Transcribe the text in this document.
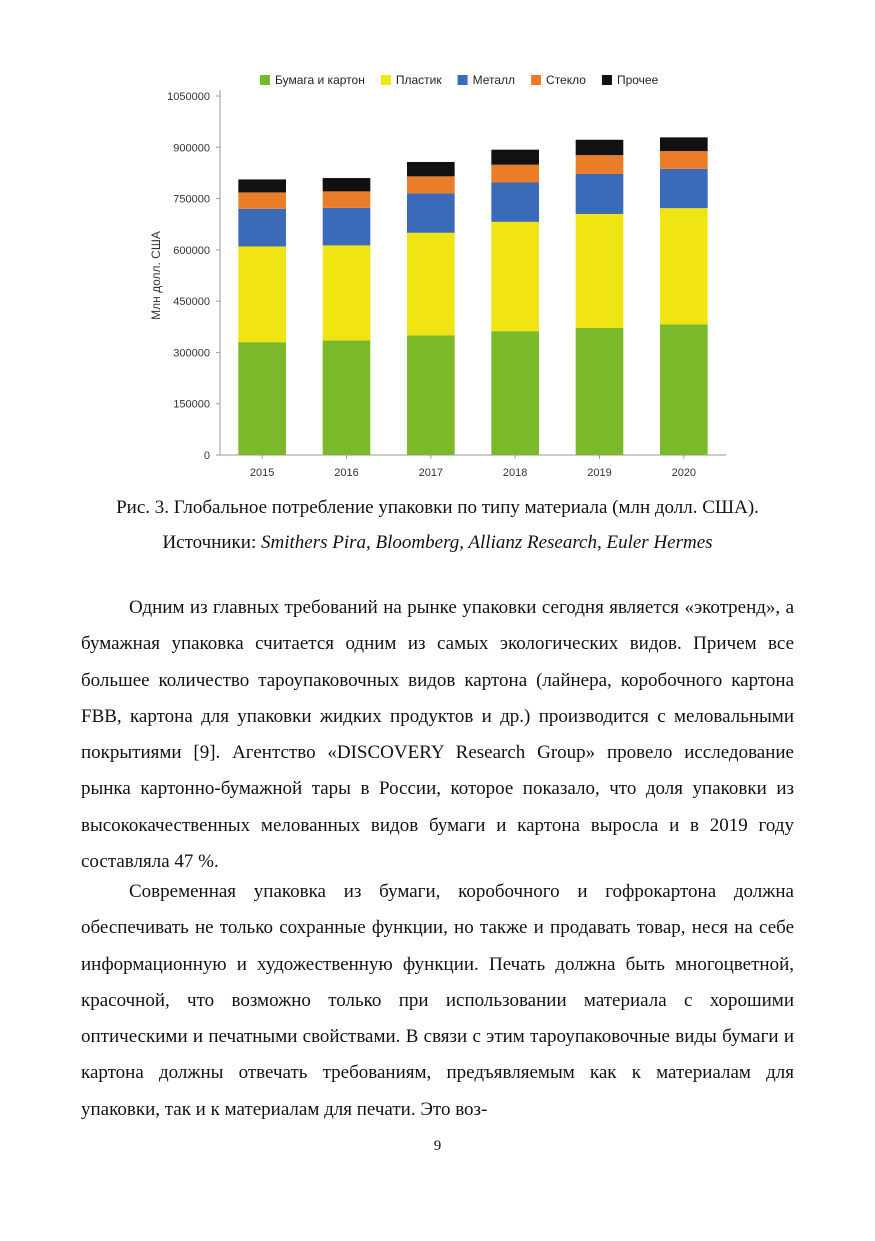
0
150000
300000
450000
600000
750000
900000
1050000
Млн долл. США
2015	2016	2017	2018	2019	2020
Бумага и картон	Пластик	Металл	Стекло	Прочее
Рис. 3. Глобальное потребление упаковки по типу материала (млн долл. США).
Источники: Smithers Pira, Bloomberg, Allianz Research, Euler Hermes

Одним из главных требований на рынке упаковки сегодня является «экотренд», а бумажная упаковка считается одним из самых экологических видов. Причем все большее количество тароупаковочных видов картона (лайнера, коробочного картона FBB, картона для упаковки жидких продуктов и др.) производится с меловальными покрытиями [9]. Агентство «DISCOVERY Research Group» провело исследование рынка картонно-бумажной тары в России, которое показало, что доля упаковки из высококачественных мелованных видов бумаги и картона выросла и в 2019 году составляла 47 %.

Современная упаковка из бумаги, коробочного и гофрокартона должна обеспечивать не только сохранные функции, но также и продавать товар, неся на себе информационную и художественную функции. Печать должна быть многоцветной, красочной, что возможно только при использовании материала с хорошими оптическими и печатными свойствами. В связи с этим тароупаковочные виды бумаги и картона должны отвечать требованиям, предъявляемым как к материалам для упаковки, так и к материалам для печати. Это воз-

9
